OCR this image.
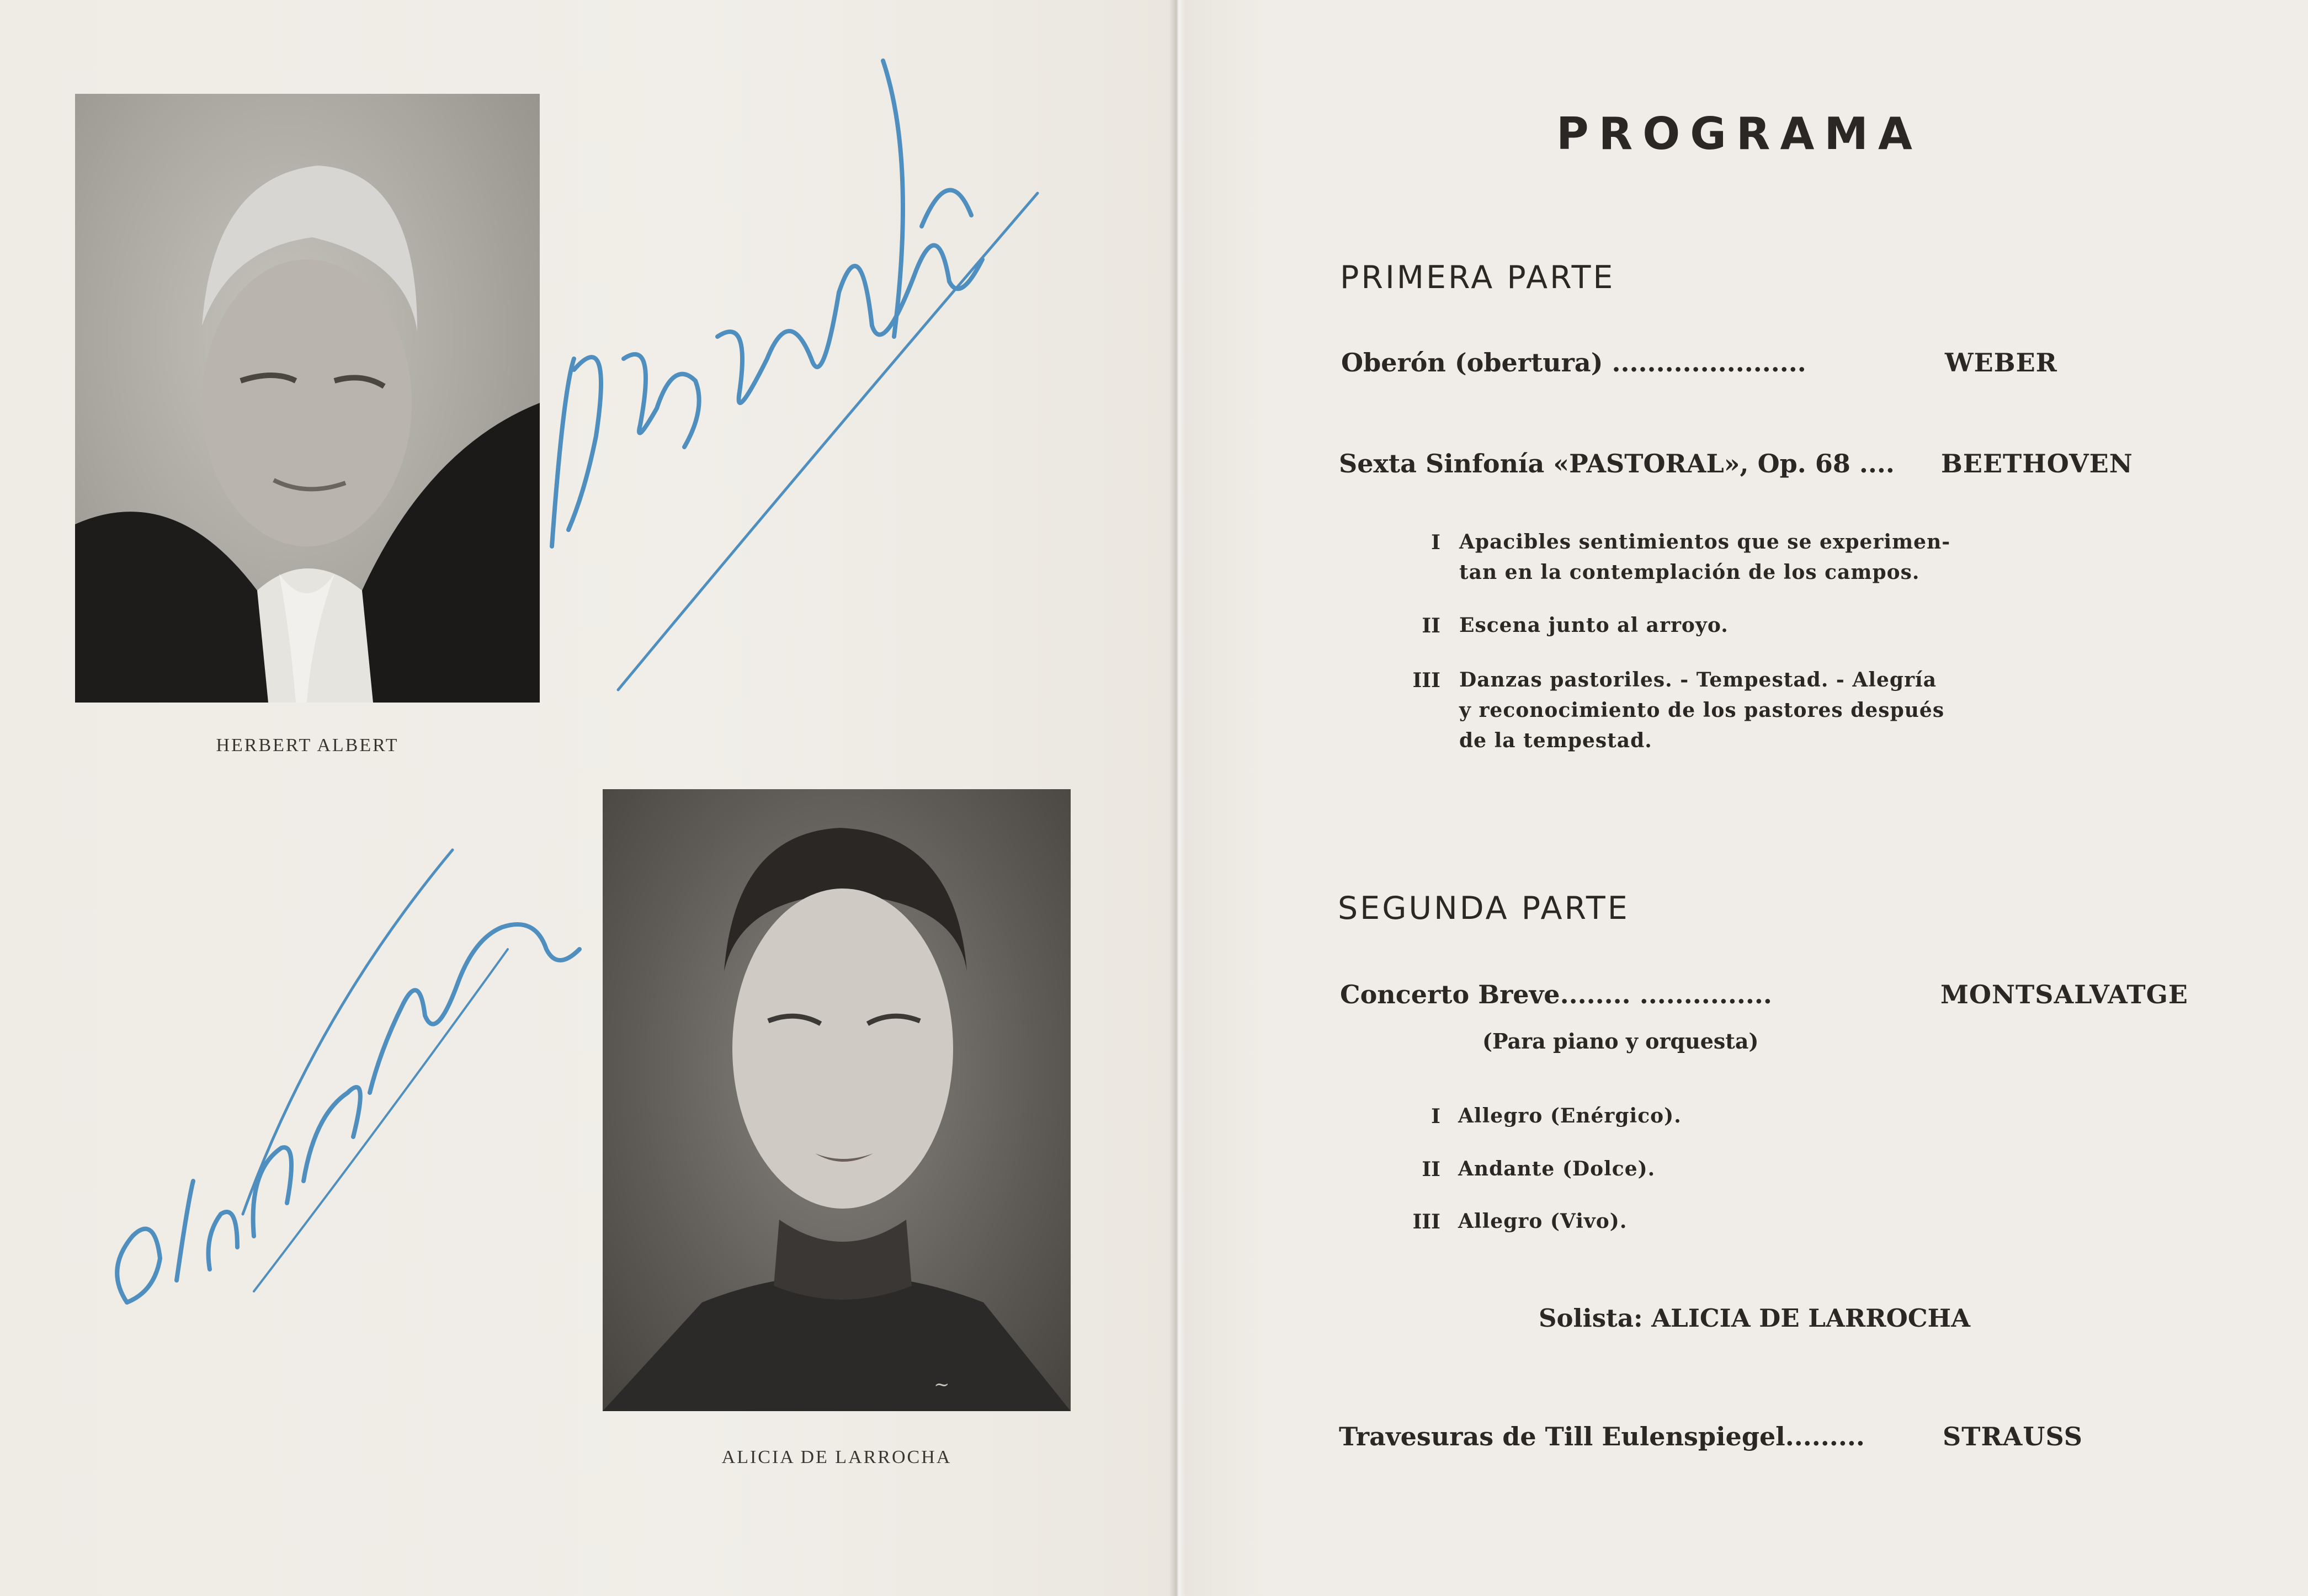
HERBERT ALBERT
~
ALICIA DE LARROCHA
PROGRAMA
PRIMERA PARTE
Oberón (obertura) ......................	WEBER
Sexta Sinfonía «PASTORAL», Op. 68 .... BEETHOVEN
I Apacibles sentimientos que se experimen-
tan en la contemplación de los campos.
II Escena junto al arroyo.
III Danzas pastoriles. - Tempestad. - Alegría
y reconocimiento de los pastores después
de la tempestad.
SEGUNDA PARTE
Concerto Breve........ ...............	MONTSALVATGE
(Para piano y orquesta)
I Allegro (Enérgico).
II Andante (Dolce).
III Allegro (Vivo).
Solista: ALICIA DE LARROCHA
Travesuras de Till Eulenspiegel.........	STRAUSS
